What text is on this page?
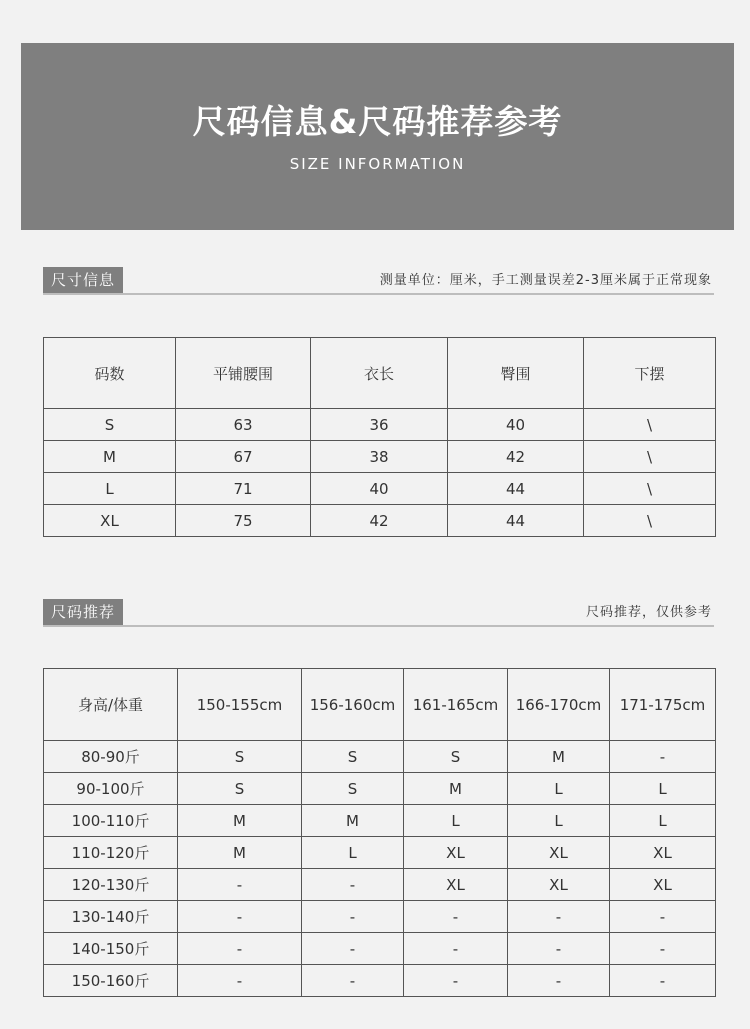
尺码信息&尺码推荐参考
SIZE INFORMATION
尺寸信息	测量单位：厘米，手工测量误差2-3厘米属于正常现象
码数	平铺腰围	衣长	臀围	下摆
S	63	36	40	\
M	67	38	42	\
L	71	40	44	\
XL	75	42	44	\
尺码推荐	尺码推荐，仅供参考
身高/体重	150-155cm	156-160cm	161-165cm	166-170cm	171-175cm
80-90斤	S	S	S	M	-
90-100斤	S	S	M	L	L
100-110斤	M	M	L	L	L
110-120斤	M	L	XL	XL	XL
120-130斤	-	-	XL	XL	XL
130-140斤	-	-	-	-	-
140-150斤	-	-	-	-	-
150-160斤	-	-	-	-	-
